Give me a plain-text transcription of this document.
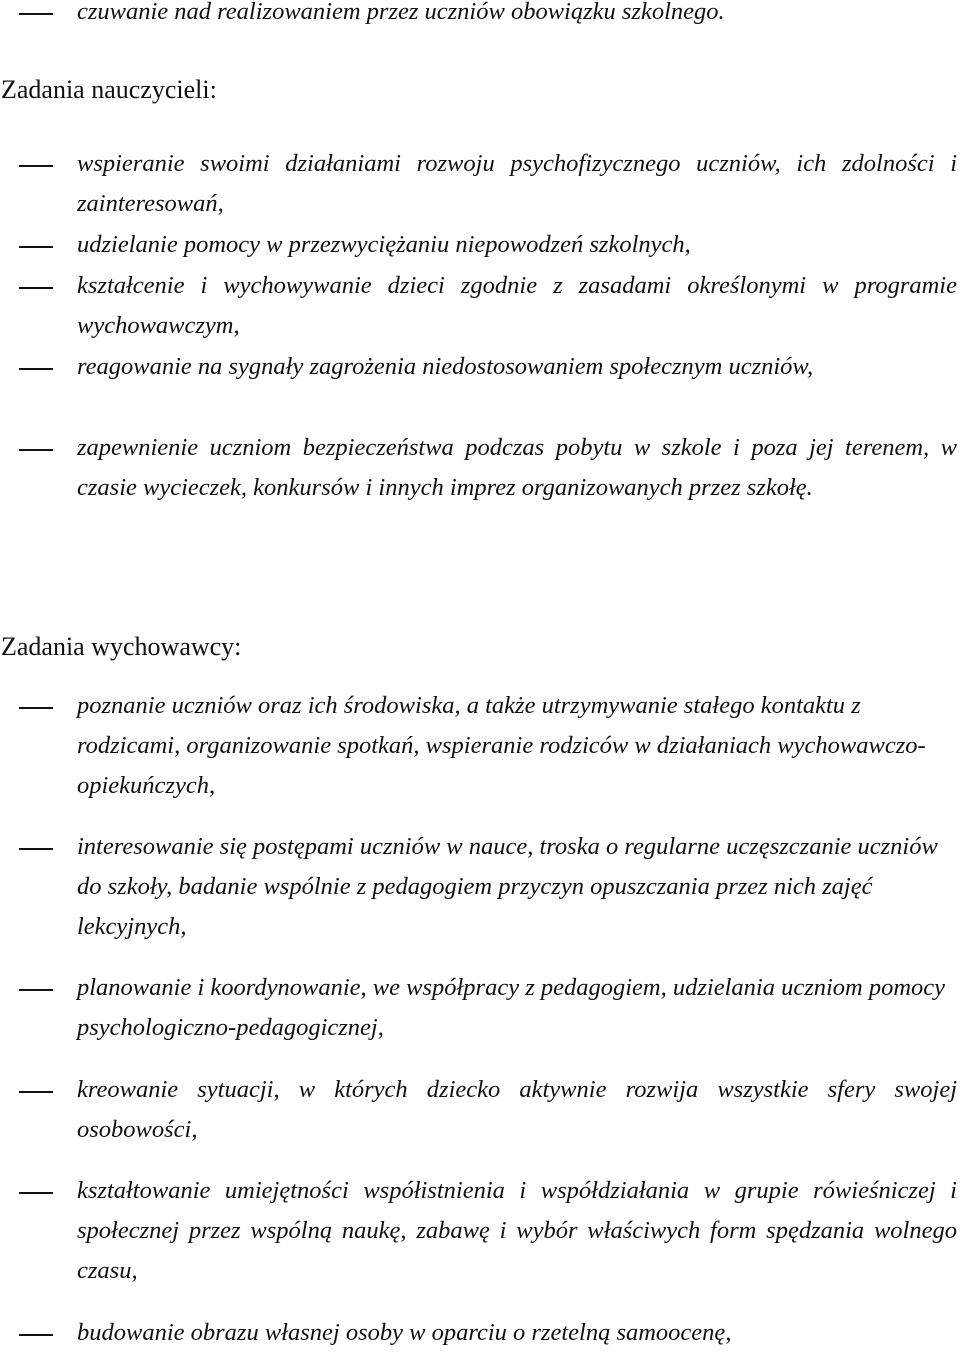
czuwanie nad realizowaniem przez uczniów obowiązku szkolnego.

Zadania nauczycieli:

wspieranie swoimi działaniami rozwoju psychofizycznego uczniów, ich zdolności i zainteresowań,

udzielanie pomocy w przezwyciężaniu niepowodzeń szkolnych,

kształcenie i wychowywanie dzieci zgodnie z zasadami określonymi w programie wychowawczym,

reagowanie na sygnały zagrożenia niedostosowaniem społecznym uczniów,

zapewnienie uczniom bezpieczeństwa podczas pobytu w szkole i poza jej terenem, w czasie wycieczek, konkursów i innych imprez organizowanych przez szkołę.

Zadania wychowawcy:

poznanie uczniów oraz ich środowiska, a także utrzymywanie stałego kontaktu z rodzicami, organizowanie spotkań, wspieranie rodziców w działaniach wychowawczo-opiekuńczych,

interesowanie się postępami uczniów w nauce, troska o regularne uczęszczanie uczniów do szkoły, badanie wspólnie z pedagogiem przyczyn opuszczania przez nich zajęć lekcyjnych,

planowanie i koordynowanie, we współpracy z pedagogiem, udzielania uczniom pomocy psychologiczno-pedagogicznej,

kreowanie sytuacji, w których dziecko aktywnie rozwija wszystkie sfery swojej osobowości,

kształtowanie umiejętności współistnienia i współdziałania w grupie rówieśniczej i społecznej przez wspólną naukę, zabawę i wybór właściwych form spędzania wolnego czasu,

budowanie obrazu własnej osoby w oparciu o rzetelną samoocenę,
